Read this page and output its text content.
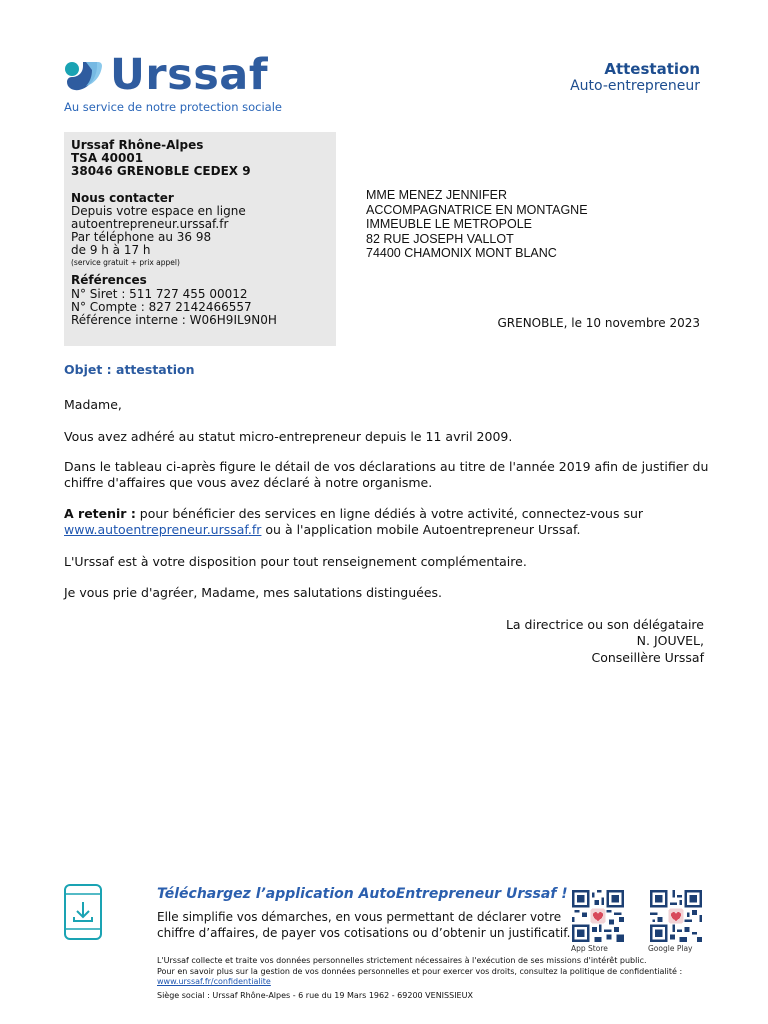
Urssaf
Au service de notre protection sociale
Attestation
Auto-entrepreneur
Urssaf Rhône-Alpes
TSA 40001
38046 GRENOBLE CEDEX 9
Nous contacter
Depuis votre espace en ligne
autoentrepreneur.urssaf.fr
Par téléphone au 36 98
de 9 h à 17 h
(service gratuit + prix appel)
Références
N° Siret : 511 727 455 00012
N° Compte : 827 2142466557
Référence interne : W06H9IL9N0H
MME MENEZ JENNIFER
ACCOMPAGNATRICE EN MONTAGNE
IMMEUBLE LE METROPOLE
82 RUE JOSEPH VALLOT
74400 CHAMONIX MONT BLANC
GRENOBLE, le 10 novembre 2023
Objet : attestation
Madame,
Vous avez adhéré au statut micro-entrepreneur depuis le 11 avril 2009.
Dans le tableau ci-après figure le détail de vos déclarations au titre de l'année 2019 afin de justifier du
chiffre d'affaires que vous avez déclaré à notre organisme.
A retenir : pour bénéficier des services en ligne dédiés à votre activité, connectez-vous sur
www.autoentrepreneur.urssaf.fr ou à l'application mobile Autoentrepreneur Urssaf.
L'Urssaf est à votre disposition pour tout renseignement complémentaire.
Je vous prie d'agréer, Madame, mes salutations distinguées.
La directrice ou son délégataire
N. JOUVEL,
Conseillère Urssaf
Téléchargez l’application AutoEntrepreneur Urssaf !
Elle simplifie vos démarches, en vous permettant de déclarer votre
chiffre d’affaires, de payer vos cotisations ou d’obtenir un justificatif.
App Store	Google Play
L'Urssaf collecte et traite vos données personnelles strictement nécessaires à l'exécution de ses missions d'intérêt public.
Pour en savoir plus sur la gestion de vos données personnelles et pour exercer vos droits, consultez la politique de confidentialité :
www.urssaf.fr/confidentialite
Siège social : Urssaf Rhône-Alpes - 6 rue du 19 Mars 1962 - 69200 VENISSIEUX
